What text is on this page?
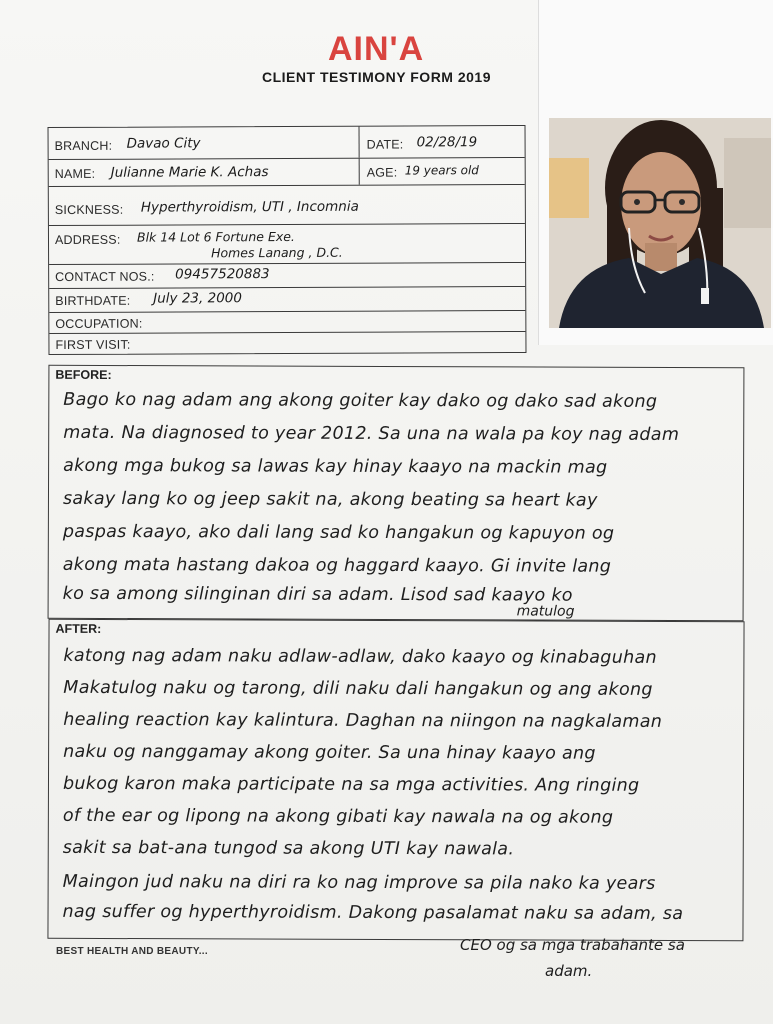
AIN'A
CLIENT TESTIMONY FORM 2019
BRANCH: Davao City	DATE: 02/28/19
NAME: Julianne Marie K. Achas	AGE: 19 years old
SICKNESS: Hyperthyroidism, UTI , Incomnia
ADDRESS: Blk 14 Lot 6 Fortune Exe.
Homes Lanang , D.C.
CONTACT NOS.: 09457520883
BIRTHDATE: July 23, 2000
OCCUPATION:
FIRST VISIT:
BEFORE:
Bago ko nag adam ang akong goiter kay dako og dako sad akong
mata. Na diagnosed to year 2012. Sa una na wala pa koy nag adam
akong mga bukog sa lawas kay hinay kaayo na mackin mag
sakay lang ko og jeep sakit na, akong beating sa heart kay
paspas kaayo, ako dali lang sad ko hangakun og kapuyon og
akong mata hastang dakoa og haggard kaayo. Gi invite lang
ko sa among silinginan diri sa adam. Lisod sad kaayo ko
matulog
AFTER:
katong nag adam naku adlaw-adlaw, dako kaayo og kinabaguhan
Makatulog naku og tarong, dili naku dali hangakun og ang akong
healing reaction kay kalintura. Daghan na niingon na nagkalaman
naku og nanggamay akong goiter. Sa una hinay kaayo ang
bukog karon maka participate na sa mga activities. Ang ringing
of the ear og lipong na akong gibati kay nawala na og akong
sakit sa bat-ana tungod sa akong UTI kay nawala.
Maingon jud naku na diri ra ko nag improve sa pila nako ka years
nag suffer og hyperthyroidism. Dakong pasalamat naku sa adam, sa
CEO og sa mga trabahante sa
adam.
BEST HEALTH AND BEAUTY...
